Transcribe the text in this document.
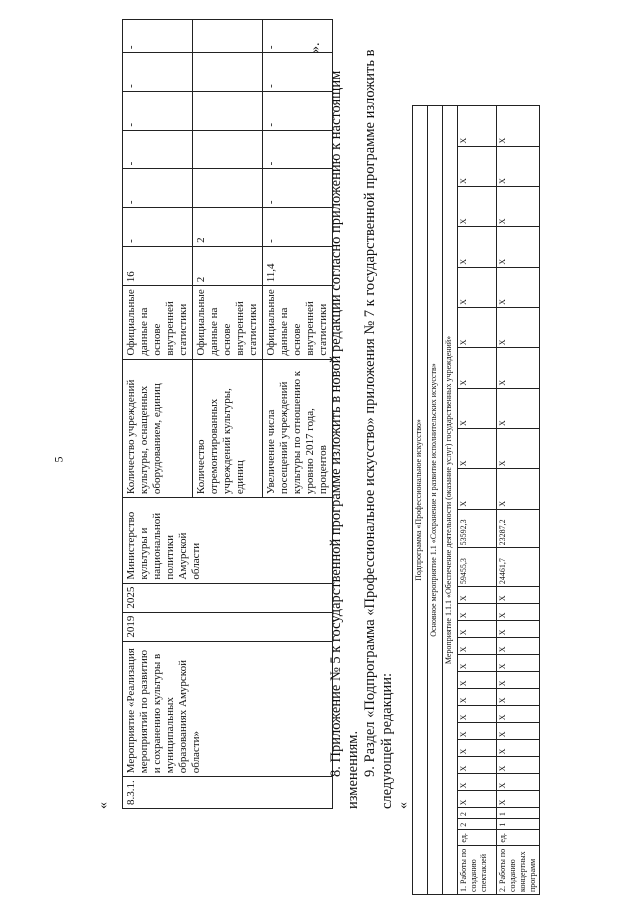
5
«
8.3.1.	Мероприятие «Реализация мероприятий по развитию и сохранению культуры в муниципальных образованиях Амурской области»	2019	2025	Министерство культуры и национальной политики Амурской области	Количество учреждений культуры, оснащенных оборудованием, единиц	Официальные данные на основе внутренней статистики	16	-	-	-	-	-	-
					Количество отремонтированных учреждений культуры, единиц	Официальные данные на основе внутренней статистики	2	2					
					Увеличение числа посещений учреждений культуры по отношению к уровню 2017 года, процентов	Официальные данные на основе внутренней статистики	11,4	-	-	-	-	-	- ».
8. Приложение № 5 к государственной программе изложить в новой редакции согласно приложению к настоящим изменениям. 9. Раздел «Подпрограмма «Профессиональное искусство» приложения № 7 к государственной программе изложить в следующей редакции: «
Подпрограмма «Профессиональное искусство»																												
Основное мероприятие 1.1 «Сохранение и развитие исполнительских искусств»																												
Мероприятие 1.1.1 «Обеспечение деятельности (оказание услуг) государственных учреждений»																												
1. Работы по созданию спектаклей	ед.	2	2	X	X	X	X	X	X	X	X	X	X	X	X	X	59455,3	53592,3	X	X	X	X	X	X	X	X	X	X
2. Работы по созданию концертных программ	ед.	1	1	X	X	X	X	X	X	X	X	X	X	X	X	X	24461,7	23287,2	X	X	X	X	X	X	X	X	X	X
